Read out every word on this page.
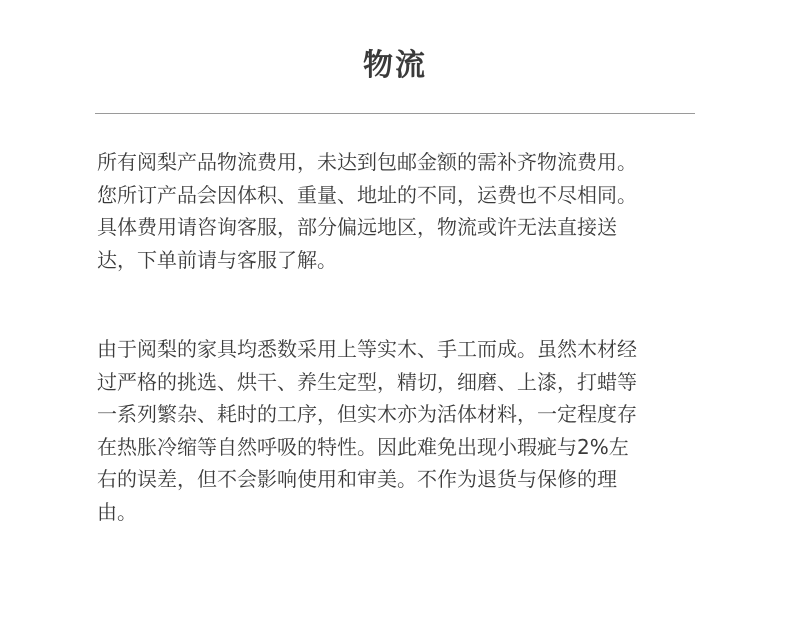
物流
所有阅梨产品物流费用，未达到包邮金额的需补齐物流费用。
您所订产品会因体积、重量、地址的不同，运费也不尽相同。
具体费用请咨询客服，部分偏远地区，物流或许无法直接送
达，下单前请与客服了解。
由于阅梨的家具均悉数采用上等实木、手工而成。虽然木材经
过严格的挑选、烘干、养生定型，精切，细磨、上漆，打蜡等
一系列繁杂、耗时的工序，但实木亦为活体材料，一定程度存
在热胀冷缩等自然呼吸的特性。因此难免出现小瑕疵与2%左
右的误差，但不会影响使用和审美。不作为退货与保修的理
由。
